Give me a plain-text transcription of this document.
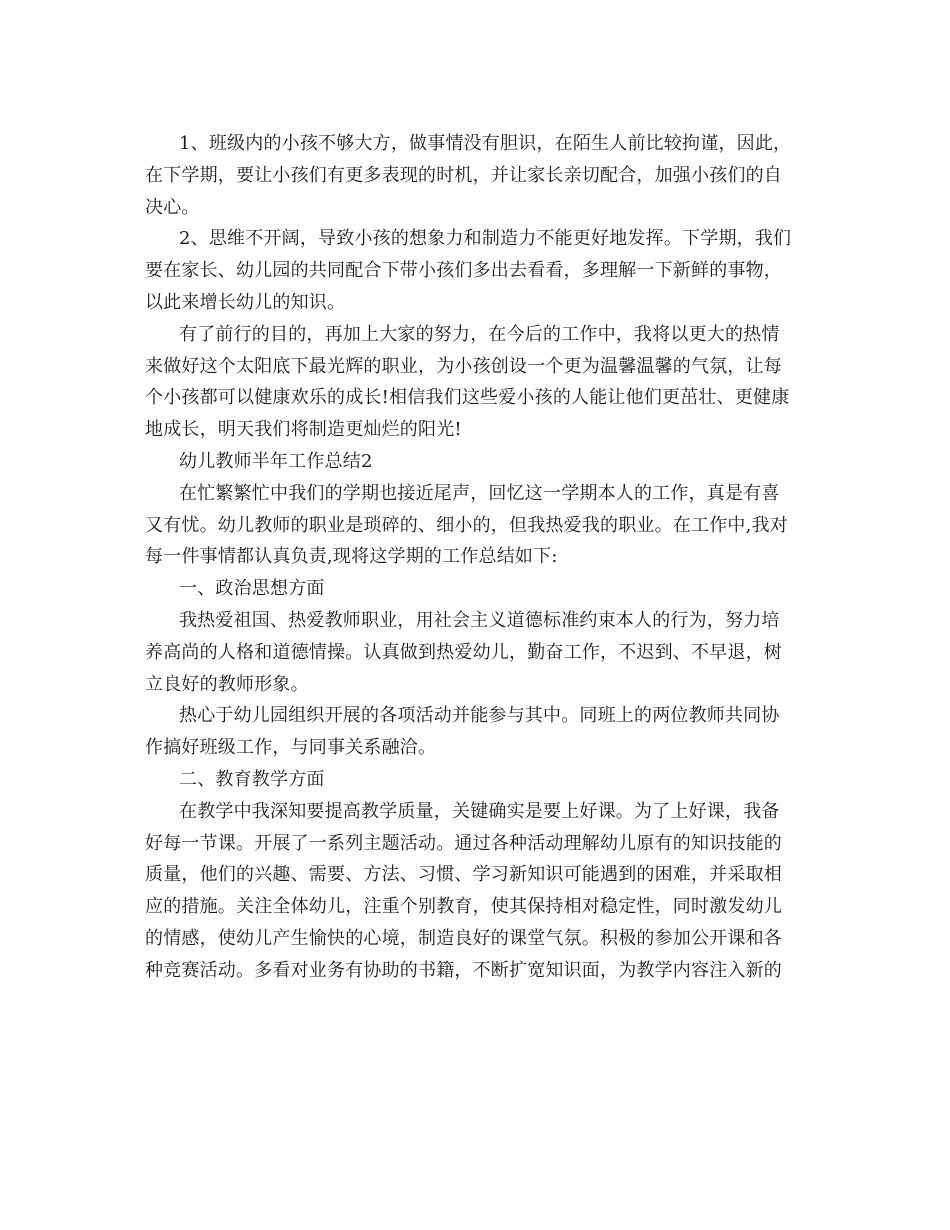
1、班级内的小孩不够大方，做事情没有胆识，在陌生人前比较拘谨，因此，
在下学期，要让小孩们有更多表现的时机，并让家长亲切配合，加强小孩们的自
决心。
2、思维不开阔，导致小孩的想象力和制造力不能更好地发挥。下学期，我们
要在家长、幼儿园的共同配合下带小孩们多出去看看，多理解一下新鲜的事物，
以此来增长幼儿的知识。
有了前行的目的，再加上大家的努力，在今后的工作中，我将以更大的热情
来做好这个太阳底下最光辉的职业，为小孩创设一个更为温馨温馨的气氛，让每
个小孩都可以健康欢乐的成长!相信我们这些爱小孩的人能让他们更茁壮、更健康
地成长，明天我们将制造更灿烂的阳光!
幼儿教师半年工作总结2
在忙繁繁忙中我们的学期也接近尾声，回忆这一学期本人的工作，真是有喜
又有忧。幼儿教师的职业是琐碎的、细小的，但我热爱我的职业。在工作中,我对
每一件事情都认真负责,现将这学期的工作总结如下:
一、政治思想方面
我热爱祖国、热爱教师职业，用社会主义道德标准约束本人的行为，努力培
养高尚的人格和道德情操。认真做到热爱幼儿，勤奋工作，不迟到、不早退，树
立良好的教师形象。
热心于幼儿园组织开展的各项活动并能参与其中。同班上的两位教师共同协
作搞好班级工作，与同事关系融洽。
二、教育教学方面
在教学中我深知要提高教学质量，关键确实是要上好课。为了上好课，我备
好每一节课。开展了一系列主题活动。通过各种活动理解幼儿原有的知识技能的
质量，他们的兴趣、需要、方法、习惯、学习新知识可能遇到的困难，并采取相
应的措施。关注全体幼儿，注重个别教育，使其保持相对稳定性，同时激发幼儿
的情感，使幼儿产生愉快的心境，制造良好的课堂气氛。积极的参加公开课和各
种竞赛活动。多看对业务有协助的书籍，不断扩宽知识面，为教学内容注入新的
